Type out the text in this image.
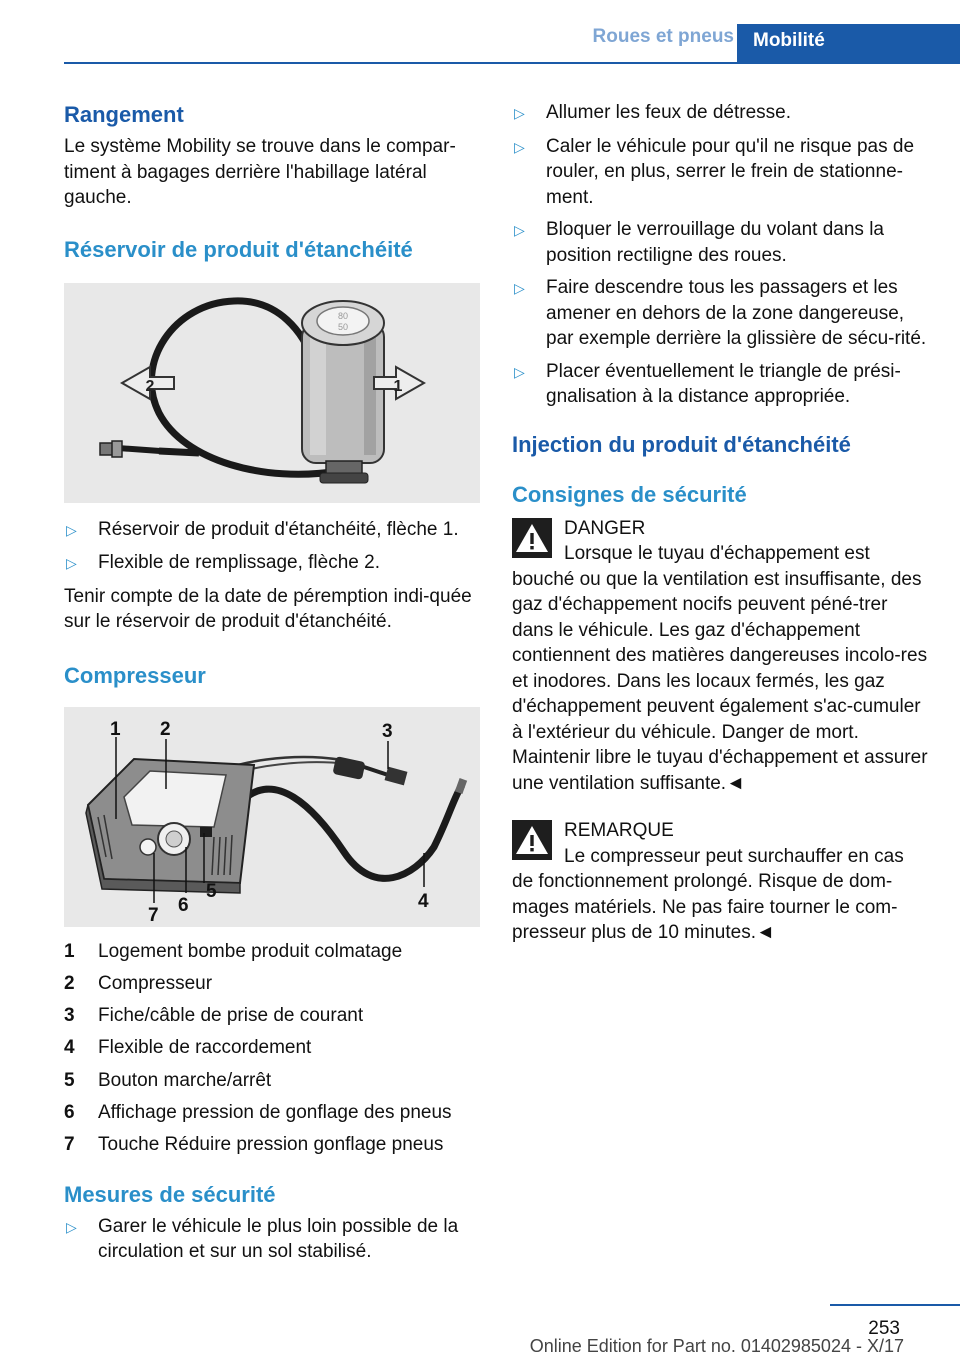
Roues et pneus	Mobilité
Rangement

Le système Mobility se trouve dans le compar-timent à bagages derrière l'habillage latéral gauche.

Réservoir de produit d'étanchéité
80
50
2	1
▷	Réservoir de produit d'étanchéité, flèche 1.
▷	Flexible de remplissage, flèche 2.

Tenir compte de la date de péremption indi-quée sur le réservoir de produit d'étanchéité.

Compresseur
1 2	3
4
5
6
7
1	Logement bombe produit colmatage
2	Compresseur
3	Fiche/câble de prise de courant
4	Flexible de raccordement
5	Bouton marche/arrêt
6	Affichage pression de gonflage des pneus
7	Touche Réduire pression gonflage pneus
Mesures de sécurité
▷	Garer le véhicule le plus loin possible de la circulation et sur un sol stabilisé.
▷	Allumer les feux de détresse.
▷	Caler le véhicule pour qu'il ne risque pas de rouler, en plus, serrer le frein de stationne-ment.
▷	Bloquer le verrouillage du volant dans la position rectiligne des roues.
▷	Faire descendre tous les passagers et les amener en dehors de la zone dangereuse, par exemple derrière la glissière de sécu-rité.
▷	Placer éventuellement le triangle de prési-gnalisation à la distance appropriée.
Injection du produit d'étanchéité
Consignes de sécurité
DANGER
Lorsque le tuyau d'échappement est
bouché ou que la ventilation est insuffisante, des gaz d'échappement nocifs peuvent péné-trer dans le véhicule. Les gaz d'échappement contiennent des matières dangereuses incolo-res et inodores. Dans les locaux fermés, les gaz d'échappement peuvent également s'ac-cumuler à l'extérieur du véhicule. Danger de mort. Maintenir libre le tuyau d'échappement et assurer une ventilation suffisante.◄
REMARQUE
Le compresseur peut surchauffer en cas
de fonctionnement prolongé. Risque de dom-mages matériels. Ne pas faire tourner le com-presseur plus de 10 minutes.◄
253
Online Edition for Part no. 01402985024 - X/17
